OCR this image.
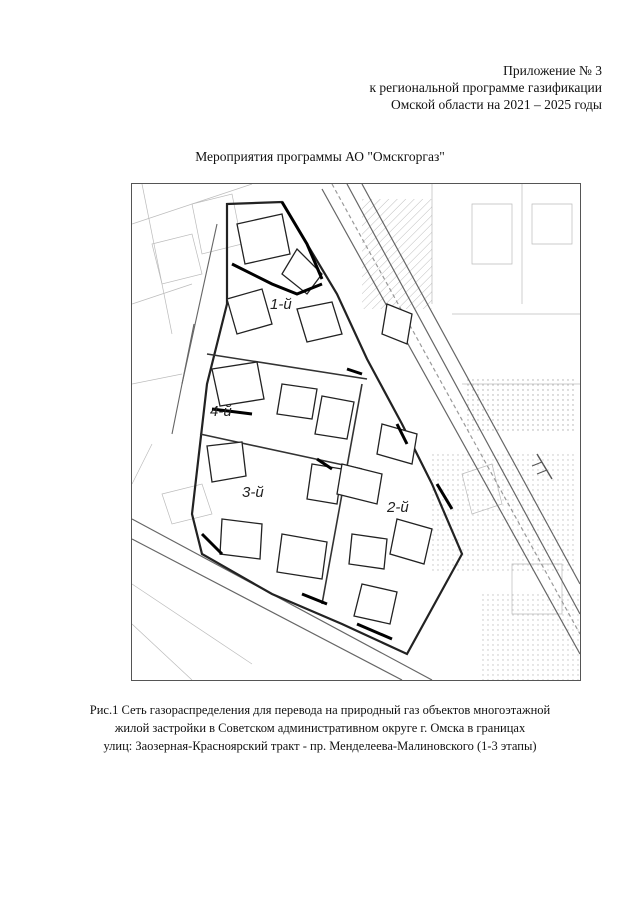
Приложение № 3
к региональной программе газификации
Омской области на 2021 – 2025 годы
Мероприятия программы АО "Омскгоргаз"
1-й
2-й
3-й
4-й
Рис.1 Сеть газораспределения для перевода на природный газ объектов многоэтажной
жилой застройки в Советском административном округе г. Омска в границах
улиц: Заозерная-Красноярский тракт - пр. Менделеева-Малиновского (1-3 этапы)
